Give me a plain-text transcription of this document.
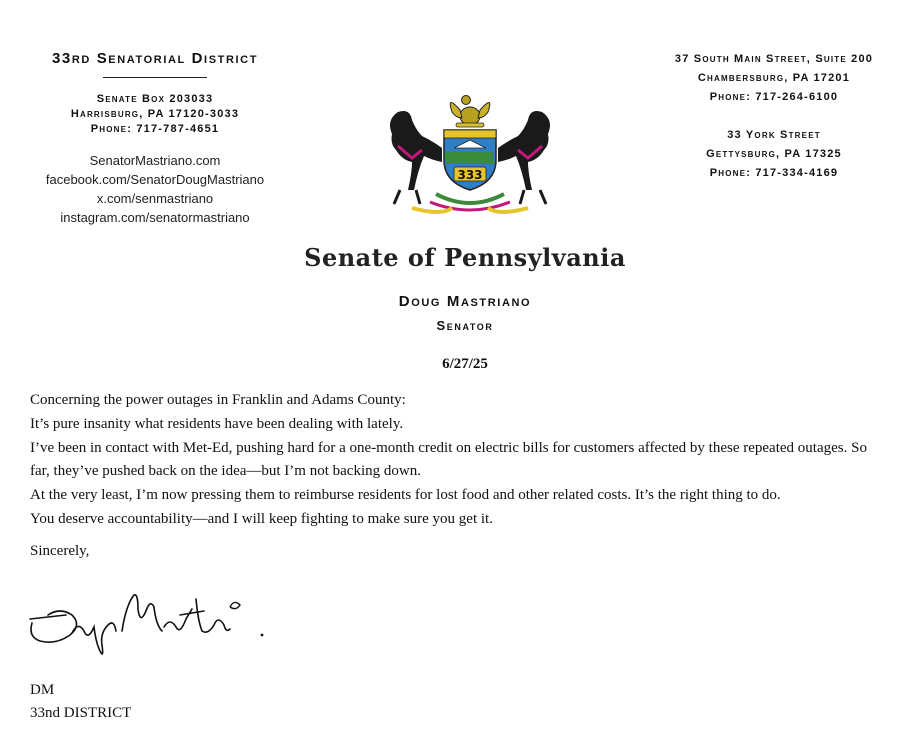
33rd Senatorial District
Senate Box 203033
Harrisburg, PA 17120-3033
Phone: 717-787-4651
SenatorMastriano.com
facebook.com/SenatorDougMastriano
x.com/senmastriano
instagram.com/senatormastriano
37 South Main Street, Suite 200
Chambersburg, PA 17201
Phone: 717-264-6100
33 York Street
Gettysburg, PA 17325
Phone: 717-334-4169
333
Senate of Pennsylvania
Doug Mastriano
Senator
6/27/25

Concerning the power outages in Franklin and Adams County:

It’s pure insanity what residents have been dealing with lately.

I’ve been in contact with Met-Ed, pushing hard for a one-month credit on electric bills for customers affected by these repeated outages. So far, they’ve pushed back on the idea—but I’m not backing down.

At the very least, I’m now pressing them to reimburse residents for lost food and other related costs. It’s the right thing to do.

You deserve accountability—and I will keep fighting to make sure you get it.

Sincerely,
DM
33nd DISTRICT
